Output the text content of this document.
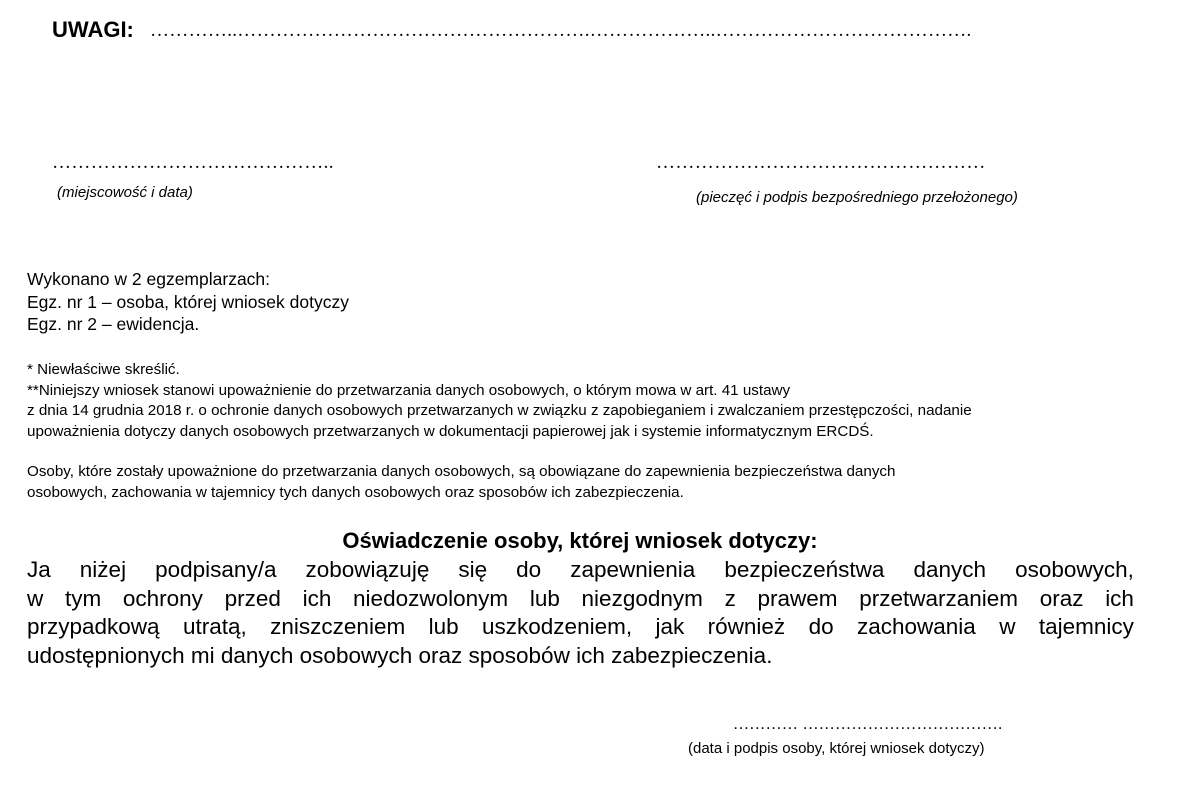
UWAGI: …………..……………………………………………….………………..………………………………….
……………………………………..
(miejscowość i data)
……………………………………………
(pieczęć i podpis bezpośredniego przełożonego)
Wykonano w 2 egzemplarzach:
Egz. nr 1 – osoba, której wniosek dotyczy
Egz. nr 2 – ewidencja.
* Niewłaściwe skreślić.
**Niniejszy wniosek stanowi upoważnienie do przetwarzania danych osobowych, o którym mowa w art. 41 ustawy
z dnia 14 grudnia 2018 r. o ochronie danych osobowych przetwarzanych w związku z zapobieganiem i zwalczaniem przestępczości, nadanie
upoważnienia dotyczy danych osobowych przetwarzanych w dokumentacji papierowej jak i systemie informatycznym ERCDŚ.
Osoby, które zostały upoważnione do przetwarzania danych osobowych, są obowiązane do zapewnienia bezpieczeństwa danych
osobowych, zachowania w tajemnicy tych danych osobowych oraz sposobów ich zabezpieczenia.
Oświadczenie osoby, której wniosek dotyczy:
Ja niżej podpisany/a zobowiązuję się do zapewnienia bezpieczeństwa danych osobowych,
w tym ochrony przed ich niedozwolonym lub niezgodnym z prawem przetwarzaniem oraz ich
przypadkową utratą, zniszczeniem lub uszkodzeniem, jak również do zachowania w tajemnicy
udostępnionych mi danych osobowych oraz sposobów ich zabezpieczenia.
………… ……………………………….
(data i podpis osoby, której wniosek dotyczy)
